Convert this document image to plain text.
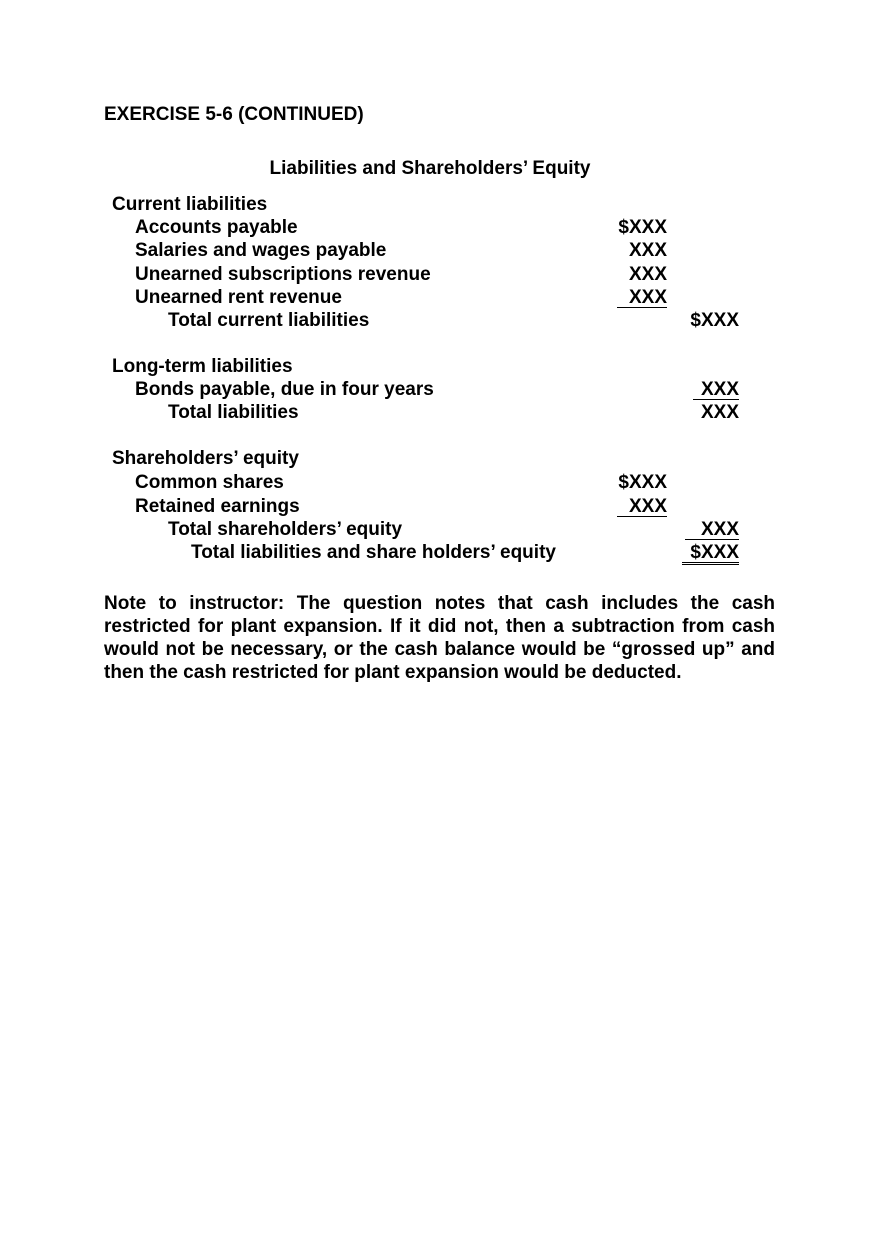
EXERCISE 5-6 (CONTINUED)
Liabilities and Shareholders’ Equity
Current liabilities
Accounts payable	$XXX
Salaries and wages payable	XXX
Unearned subscriptions revenue	XXX
Unearned rent revenue	XXX
Total current liabilities	$XXX
Long-term liabilities
Bonds payable, due in four years	XXX
Total liabilities	XXX
Shareholders’ equity
Common shares	$XXX
Retained earnings	XXX
Total shareholders’ equity	XXX
Total liabilities and share holders’ equity	$XXX
Note to instructor: The question notes that cash includes the cash restricted for plant expansion. If it did not, then a subtraction from cash would not be necessary, or the cash balance would be “grossed up” and then the cash restricted for plant expansion would be deducted.
